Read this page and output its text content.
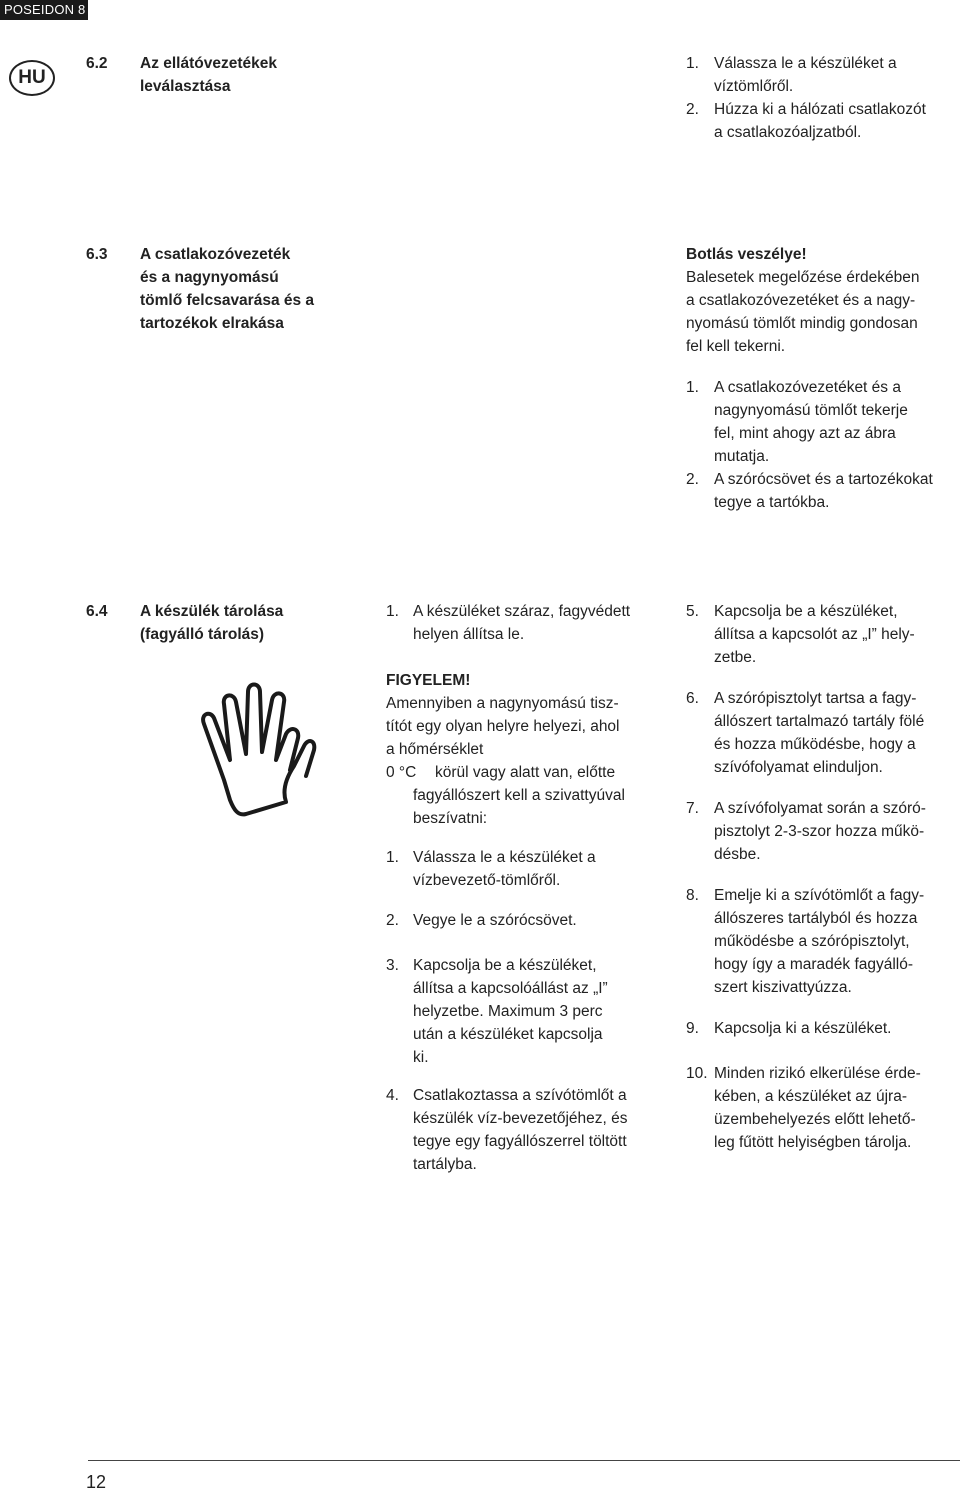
POSEIDON 8
HU
6.2 Az ellátóvezetékek
leválasztása
1. Válassza le a készüléket a
víztömlőről.
2. Húzza ki a hálózati csatlakozót
a csatlakozóaljzatból.
6.3 A csatlakozóvezeték
és a nagynyomású
tömlő felcsavarása és a
tartozékok elrakása
Botlás veszélye!
Balesetek megelőzése érdekében
a csatlakozóvezetéket és a nagy-
nyomású tömlőt mindig gondosan
fel kell tekerni.
1. A csatlakozóvezetéket és a
nagynyomású tömlőt tekerje
fel, mint ahogy azt az ábra
mutatja.
2. A szórócsövet és a tartozékokat
tegye a tartókba.
6.4 A készülék tárolása
(fagyálló tárolás)
1. A készüléket száraz, fagyvédett
helyen állítsa le.
FIGYELEM!
Amennyiben a nagynyomású tisz-
títót egy olyan helyre helyezi, ahol
a hőmérséklet
0 °C körül vagy alatt van, előtte
fagyállószert kell a szivattyúval
beszívatni:
1. Válassza le a készüléket a
vízbevezető-tömlőről.
2. Vegye le a szórócsövet.
3. Kapcsolja be a készüléket,
állítsa a kapcsolóállást az „I”
helyzetbe. Maximum 3 perc
után a készüléket kapcsolja
ki.
4. Csatlakoztassa a szívótömlőt a
készülék víz-bevezetőjéhez, és
tegye egy fagyállószerrel töltött
tartályba.
5. Kapcsolja be a készüléket,
állítsa a kapcsolót az „I” hely-
zetbe.
6. A szórópisztolyt tartsa a fagy-
állószert tartalmazó tartály fölé
és hozza működésbe, hogy a
szívófolyamat elinduljon.
7. A szívófolyamat során a szóró-
pisztolyt 2-3-szor hozza műkö-
désbe.
8. Emelje ki a szívótömlőt a fagy-
állószeres tartályból és hozza
működésbe a szórópisztolyt,
hogy így a maradék fagyálló-
szert kiszivattyúzza.
9. Kapcsolja ki a készüléket.
10. Minden rizikó elkerülése érde-
kében, a készüléket az újra-
üzembehelyezés előtt lehető-
leg fűtött helyiségben tárolja.
12
